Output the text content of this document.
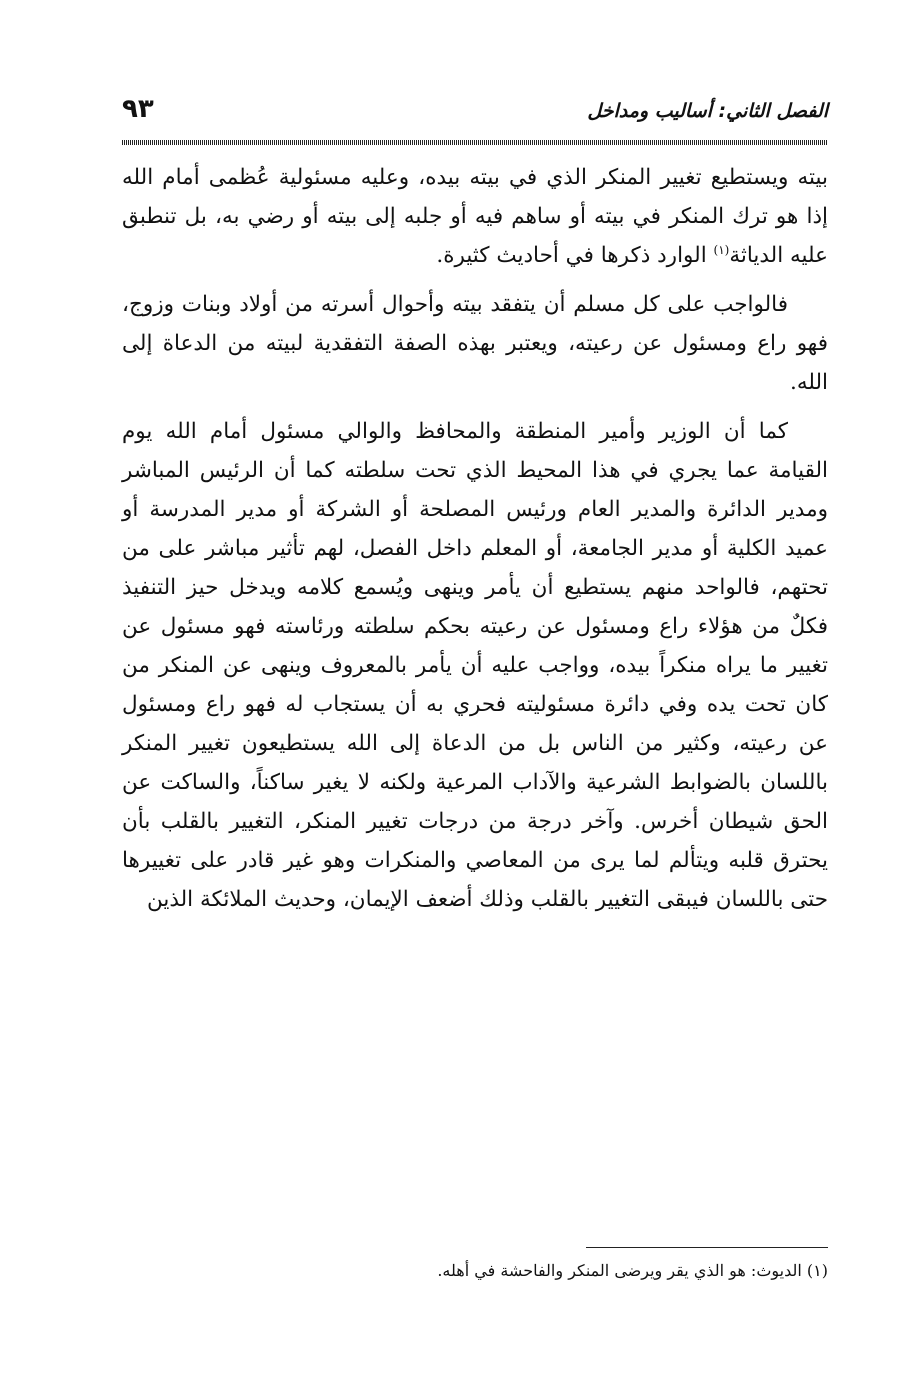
الفصل الثاني: أساليب ومداخل
٩٣

بيته ويستطيع تغيير المنكر الذي في بيته بيده، وعليه مسئولية عُظمى أمام الله إذا هو ترك المنكر في بيته أو ساهم فيه أو جلبه إلى بيته أو رضي به، بل تنطبق عليه الدياثة$^{(١)}$ الوارد ذكرها في أحاديث كثيرة.

فالواجب على كل مسلم أن يتفقد بيته وأحوال أسرته من أولاد وبنات وزوج، فهو راع ومسئول عن رعيته، ويعتبر بهذه الصفة التفقدية لبيته من الدعاة إلى الله.

كما أن الوزير وأمير المنطقة والمحافظ والوالي مسئول أمام الله يوم القيامة عما يجري في هذا المحيط الذي تحت سلطته كما أن الرئيس المباشر ومدير الدائرة والمدير العام ورئيس المصلحة أو الشركة أو مدير المدرسة أو عميد الكلية أو مدير الجامعة، أو المعلم داخل الفصل، لهم تأثير مباشر على من تحتهم، فالواحد منهم يستطيع أن يأمر وينهى ويُسمع كلامه ويدخل حيز التنفيذ فكلٌ من هؤلاء راع ومسئول عن رعيته بحكم سلطته ورئاسته فهو مسئول عن تغيير ما يراه منكراً بيده، وواجب عليه أن يأمر بالمعروف وينهى عن المنكر من كان تحت يده وفي دائرة مسئوليته فحري به أن يستجاب له فهو راع ومسئول عن رعيته، وكثير من الناس بل من الدعاة إلى الله يستطيعون تغيير المنكر باللسان بالضوابط الشرعية والآداب المرعية ولكنه لا يغير ساكناً، والساكت عن الحق شيطان أخرس. وآخر درجة من درجات تغيير المنكر، التغيير بالقلب بأن يحترق قلبه ويتألم لما يرى من المعاصي والمنكرات وهو غير قادر على تغييرها حتى باللسان فيبقى التغيير بالقلب وذلك أضعف الإيمان، وحديث الملائكة الذين

(١) الديوث: هو الذي يقر ويرضى المنكر والفاحشة في أهله.
